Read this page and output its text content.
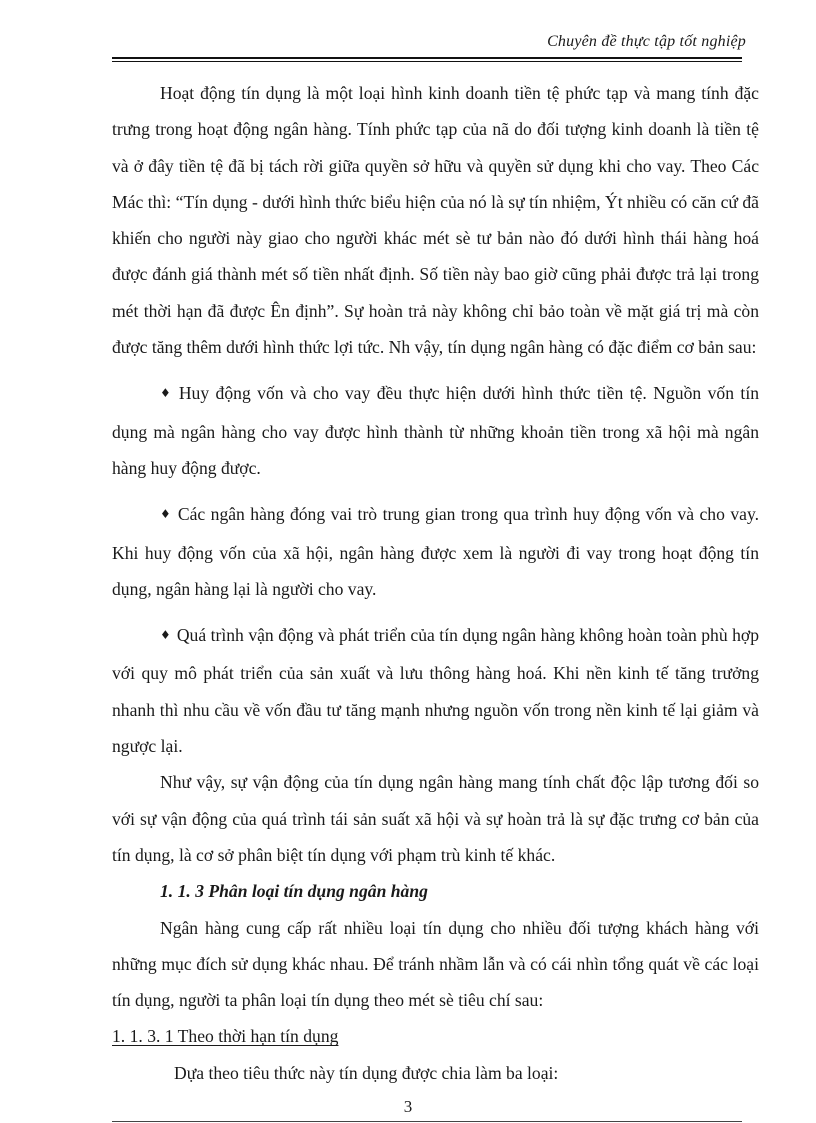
Chuyên đề thực tập tốt nghiệp

Hoạt động tín dụng là một loại hình kinh doanh tiền tệ phức tạp và mang tính đặc trưng trong hoạt động ngân hàng. Tính phức tạp của nã do đối tượng kinh doanh là tiền tệ và ở đây tiền tệ đã bị tách rời giữa quyền sở hữu và quyền sử dụng khi cho vay. Theo Các Mác thì: “Tín dụng - dưới hình thức biểu hiện của nó là sự tín nhiệm, Ýt nhiều có căn cứ đã khiến cho người này giao cho người khác mét sè tư bản nào đó dưới hình thái hàng hoá được đánh giá thành mét số tiền nhất định. Số tiền này bao giờ cũng phải được trả lại trong mét thời hạn đã được Ên định”. Sự hoàn trả này không chỉ bảo toàn về mặt giá trị mà còn được tăng thêm dưới hình thức lợi tức. Nh vậy, tín dụng ngân hàng có đặc điểm cơ bản sau:

♦ Huy động vốn và cho vay đều thực hiện dưới hình thức tiền tệ. Nguồn vốn tín dụng mà ngân hàng cho vay được hình thành từ những khoản tiền trong xã hội mà ngân hàng huy động được.

♦ Các ngân hàng đóng vai trò trung gian trong qua trình huy động vốn và cho vay. Khi huy động vốn của xã hội, ngân hàng được xem là người đi vay trong hoạt động tín dụng, ngân hàng lại là người cho vay.

♦ Quá trình vận động và phát triển của tín dụng ngân hàng không hoàn toàn phù hợp với quy mô phát triển của sản xuất và lưu thông hàng hoá. Khi nền kinh tế tăng trưởng nhanh thì nhu cầu về vốn đầu tư tăng mạnh nhưng nguồn vốn trong nền kinh tế lại giảm và ngược lại.

Như vậy, sự vận động của tín dụng ngân hàng mang tính chất độc lập tương đối so với sự vận động của quá trình tái sản suất xã hội và sự hoàn trả là sự đặc trưng cơ bản của tín dụng, là cơ sở phân biệt tín dụng với phạm trù kinh tế khác.

1. 1. 3 Phân loại tín dụng ngân hàng

Ngân hàng cung cấp rất nhiều loại tín dụng cho nhiều đối tượng khách hàng với những mục đích sử dụng khác nhau. Để tránh nhầm lẫn và có cái nhìn tổng quát về các loại tín dụng, người ta phân loại tín dụng theo mét sè tiêu chí sau:

1. 1. 3. 1 Theo thời hạn tín dụng

Dựa theo tiêu thức này tín dụng được chia làm ba loại:

3
